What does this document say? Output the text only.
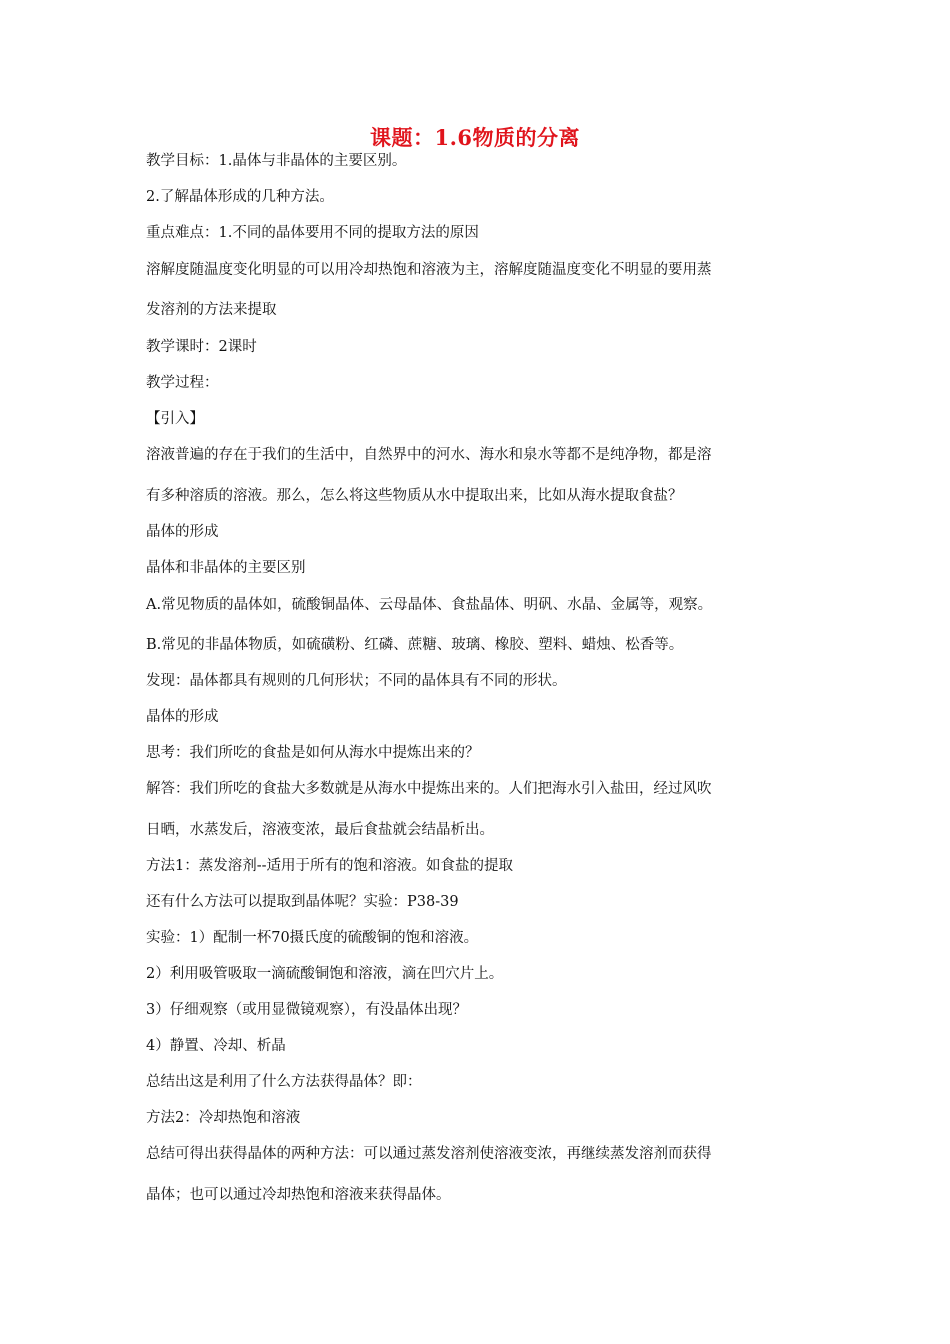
课题：1.6物质的分离
教学目标：1.晶体与非晶体的主要区别。
2.了解晶体形成的几种方法。
重点难点：1.不同的晶体要用不同的提取方法的原因
溶解度随温度变化明显的可以用冷却热饱和溶液为主，溶解度随温度变化不明显的要用蒸
发溶剂的方法来提取
教学课时：2课时
教学过程：
【引入】
溶液普遍的存在于我们的生活中，自然界中的河水、海水和泉水等都不是纯净物，都是溶
有多种溶质的溶液。那么，怎么将这些物质从水中提取出来，比如从海水提取食盐？
晶体的形成
晶体和非晶体的主要区别
A.常见物质的晶体如，硫酸铜晶体、云母晶体、食盐晶体、明矾、水晶、金属等，观察。
B.常见的非晶体物质，如硫磺粉、红磷、蔗糖、玻璃、橡胶、塑料、蜡烛、松香等。
发现：晶体都具有规则的几何形状；不同的晶体具有不同的形状。
晶体的形成
思考：我们所吃的食盐是如何从海水中提炼出来的？
解答：我们所吃的食盐大多数就是从海水中提炼出来的。人们把海水引入盐田，经过风吹
日晒，水蒸发后，溶液变浓，最后食盐就会结晶析出。
方法1：蒸发溶剂--适用于所有的饱和溶液。如食盐的提取
还有什么方法可以提取到晶体呢？实验：P38-39
实验：1）配制一杯70摄氏度的硫酸铜的饱和溶液。
2）利用吸管吸取一滴硫酸铜饱和溶液，滴在凹穴片上。
3）仔细观察（或用显微镜观察），有没晶体出现？
4）静置、冷却、析晶
总结出这是利用了什么方法获得晶体？即：
方法2：冷却热饱和溶液
总结可得出获得晶体的两种方法：可以通过蒸发溶剂使溶液变浓，再继续蒸发溶剂而获得
晶体；也可以通过冷却热饱和溶液来获得晶体。
